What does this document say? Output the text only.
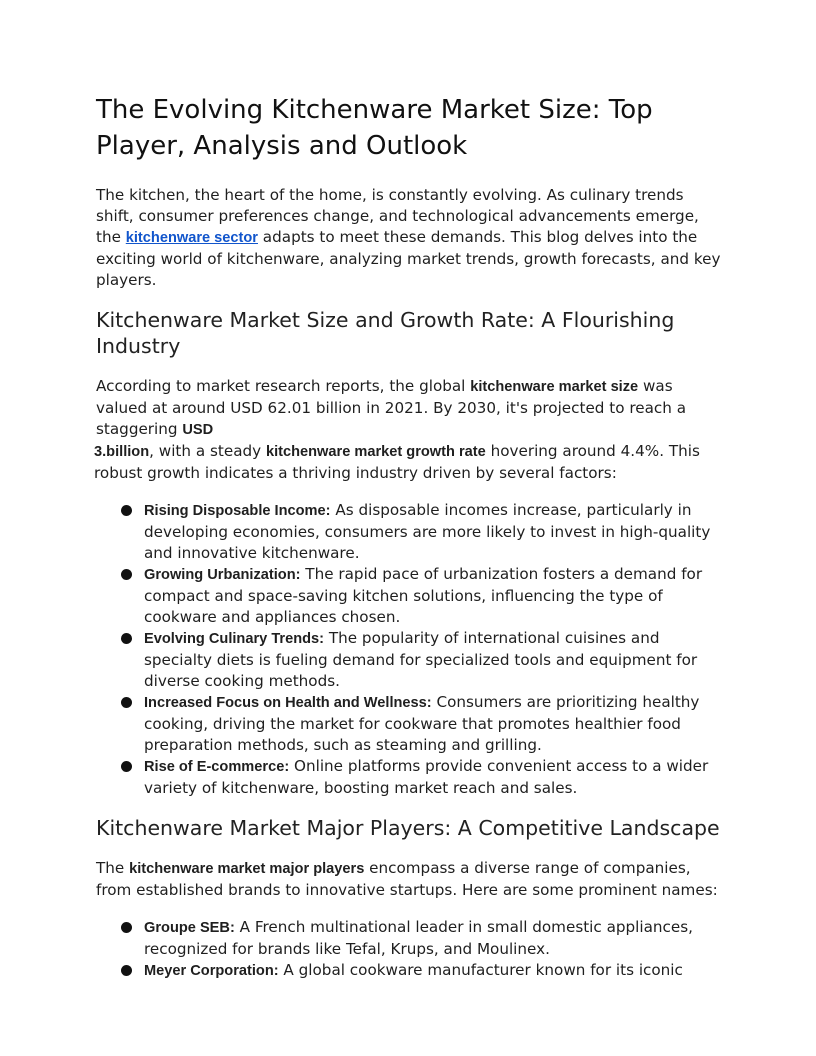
The Evolving Kitchenware Market Size: Top Player, Analysis and Outlook

The kitchen, the heart of the home, is constantly evolving. As culinary trends shift, consumer preferences change, and technological advancements emerge, the kitchenware sector adapts to meet these demands. This blog delves into the exciting world of kitchenware, analyzing market trends, growth forecasts, and key players.

Kitchenware Market Size and Growth Rate: A Flourishing Industry

According to market research reports, the global kitchenware market size was valued at around USD 62.01 billion in 2021. By 2030, it's projected to reach a staggering USD
3.billion, with a steady kitchenware market growth rate hovering around 4.4%. This robust growth indicates a thriving industry driven by several factors:

Rising Disposable Income: As disposable incomes increase, particularly in developing economies, consumers are more likely to invest in high-quality and innovative kitchenware.
Growing Urbanization: The rapid pace of urbanization fosters a demand for compact and space-saving kitchen solutions, influencing the type of cookware and appliances chosen.
Evolving Culinary Trends: The popularity of international cuisines and specialty diets is fueling demand for specialized tools and equipment for diverse cooking methods.
Increased Focus on Health and Wellness: Consumers are prioritizing healthy cooking, driving the market for cookware that promotes healthier food preparation methods, such as steaming and grilling.
Rise of E-commerce: Online platforms provide convenient access to a wider variety of kitchenware, boosting market reach and sales.
Kitchenware Market Major Players: A Competitive Landscape

The kitchenware market major players encompass a diverse range of companies, from established brands to innovative startups. Here are some prominent names:

Groupe SEB: A French multinational leader in small domestic appliances, recognized for brands like Tefal, Krups, and Moulinex.
Meyer Corporation: A global cookware manufacturer known for its iconic
